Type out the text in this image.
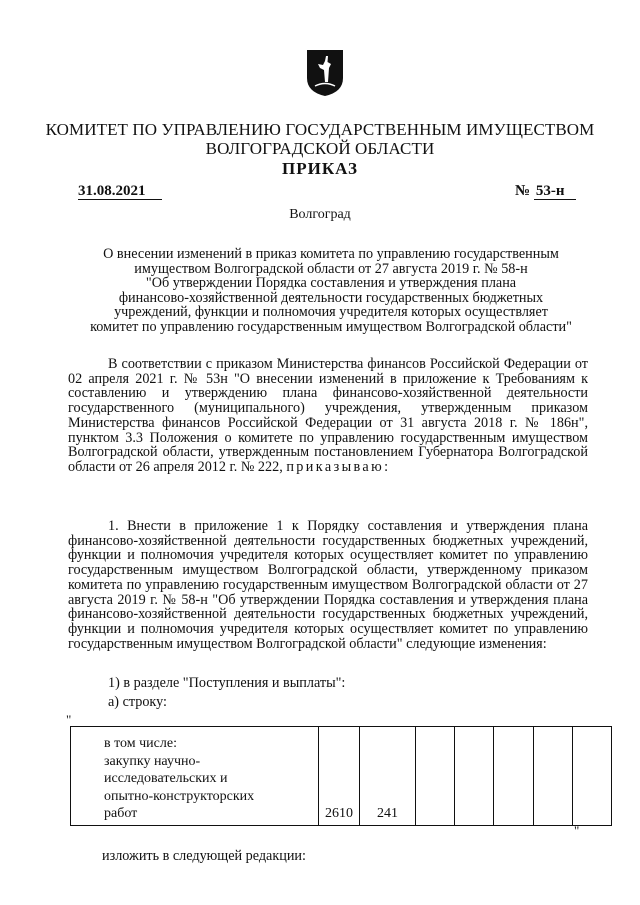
КОМИТЕТ ПО УПРАВЛЕНИЮ ГОСУДАРСТВЕННЫМ ИМУЩЕСТВОМ
ВОЛГОГРАДСКОЙ ОБЛАСТИ
ПРИКАЗ
31.08.2021	№ 53-н
Волгоград
О внесении изменений в приказ комитета по управлению государственным
имуществом Волгоградской области от 27 августа 2019 г. № 58-н
"Об утверждении Порядка составления и утверждения плана
финансово-хозяйственной деятельности государственных бюджетных
учреждений, функции и полномочия учредителя которых осуществляет
комитет по управлению государственным имуществом Волгоградской области"
В соответствии с приказом Министерства финансов Российской Федерации от 02 апреля 2021 г. № 53н "О внесении изменений в приложение к Требованиям к составлению и утверждению плана финансово-хозяйственной деятельности государственного (муниципального) учреждения, утвержденным приказом Министерства финансов Российской Федерации от 31 августа 2018 г. № 186н", пунктом 3.3 Положения о комитете по управлению государственным имуществом Волгоградской области, утвержденным постановлением Губернатора Волгоградской области от 26 апреля 2012 г. № 222, приказываю:
1. Внести в приложение 1 к Порядку составления и утверждения плана финансово-хозяйственной деятельности государственных бюджетных учреждений, функции и полномочия учредителя которых осуществляет комитет по управлению государственным имуществом Волгоградской области, утвержденному приказом комитета по управлению государственным имуществом Волгоградской области от 27 августа 2019 г. № 58-н "Об утверждении Порядка составления и утверждения плана финансово-хозяйственной деятельности государственных бюджетных учреждений, функции и полномочия учредителя которых осуществляет комитет по управлению государственным имуществом Волгоградской области" следующие изменения:
1) в разделе "Поступления и выплаты":
а) строку:
"
в том числе:
закупку научно-
исследовательских и
опытно-конструкторских
работ	2610	241					
"
изложить в следующей редакции:
